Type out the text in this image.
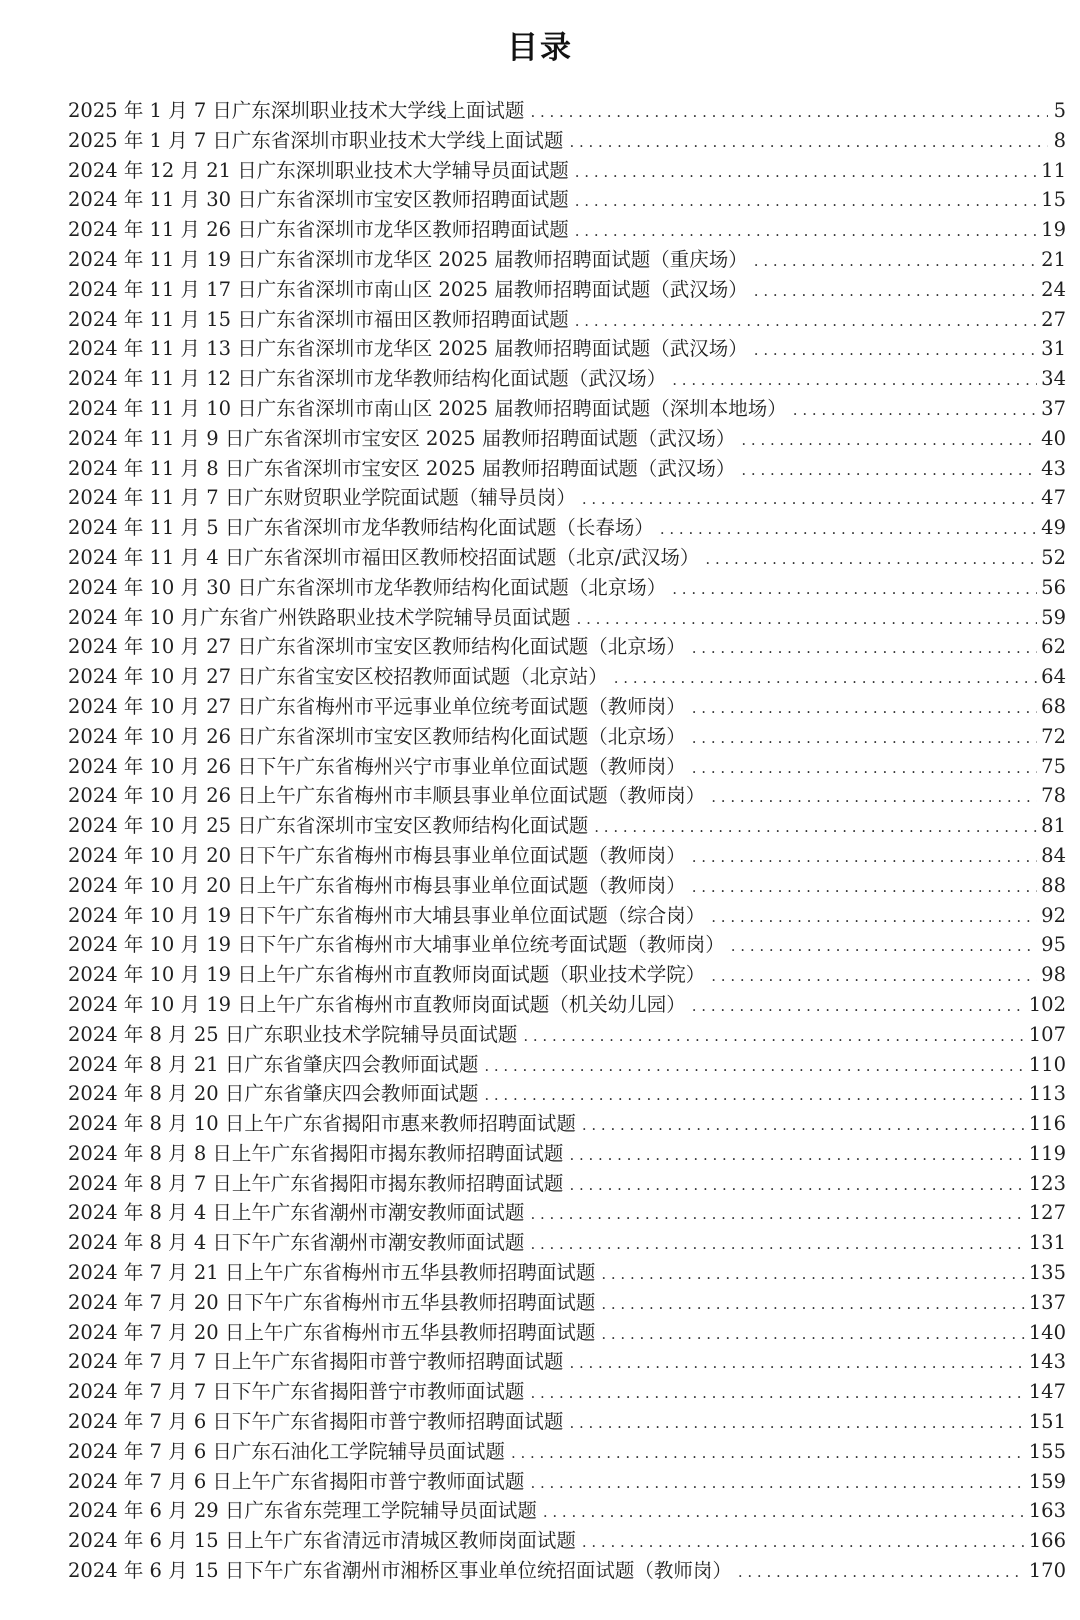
目录
2025 年 1 月 7 日广东深圳职业技术大学线上面试题 . . .	5
2025 年 1 月 7 日广东省深圳市职业技术大学线上面试题 . . .	8
2024 年 12 月 21 日广东深圳职业技术大学辅导员面试题 . . .	11
2024 年 11 月 30 日广东省深圳市宝安区教师招聘面试题 . . .	15
2024 年 11 月 26 日广东省深圳市龙华区教师招聘面试题 . . .	19
2024 年 11 月 19 日广东省深圳市龙华区 2025 届教师招聘面试题（重庆场） . . .	21
2024 年 11 月 17 日广东省深圳市南山区 2025 届教师招聘面试题（武汉场） . . .	24
2024 年 11 月 15 日广东省深圳市福田区教师招聘面试题 . . .	27
2024 年 11 月 13 日广东省深圳市龙华区 2025 届教师招聘面试题（武汉场） . . .	31
2024 年 11 月 12 日广东省深圳市龙华教师结构化面试题（武汉场） . . .	34
2024 年 11 月 10 日广东省深圳市南山区 2025 届教师招聘面试题（深圳本地场） . . .	37
2024 年 11 月 9 日广东省深圳市宝安区 2025 届教师招聘面试题（武汉场） . . .	40
2024 年 11 月 8 日广东省深圳市宝安区 2025 届教师招聘面试题（武汉场） . . .	43
2024 年 11 月 7 日广东财贸职业学院面试题（辅导员岗） . . .	47
2024 年 11 月 5 日广东省深圳市龙华教师结构化面试题（长春场） . . .	49
2024 年 11 月 4 日广东省深圳市福田区教师校招面试题（北京/武汉场） . . .	52
2024 年 10 月 30 日广东省深圳市龙华教师结构化面试题（北京场） . . .	56
2024 年 10 月广东省广州铁路职业技术学院辅导员面试题 . . .	59
2024 年 10 月 27 日广东省深圳市宝安区教师结构化面试题（北京场） . . .	62
2024 年 10 月 27 日广东省宝安区校招教师面试题（北京站） . . .	64
2024 年 10 月 27 日广东省梅州市平远事业单位统考面试题（教师岗） . . .	68
2024 年 10 月 26 日广东省深圳市宝安区教师结构化面试题（北京场） . . .	72
2024 年 10 月 26 日下午广东省梅州兴宁市事业单位面试题（教师岗） . . .	75
2024 年 10 月 26 日上午广东省梅州市丰顺县事业单位面试题（教师岗） . . .	78
2024 年 10 月 25 日广东省深圳市宝安区教师结构化面试题 . . .	81
2024 年 10 月 20 日下午广东省梅州市梅县事业单位面试题（教师岗） . . .	84
2024 年 10 月 20 日上午广东省梅州市梅县事业单位面试题（教师岗） . . .	88
2024 年 10 月 19 日下午广东省梅州市大埔县事业单位面试题（综合岗） . . .	92
2024 年 10 月 19 日下午广东省梅州市大埔事业单位统考面试题（教师岗） . . .	95
2024 年 10 月 19 日上午广东省梅州市直教师岗面试题（职业技术学院） . . .	98
2024 年 10 月 19 日上午广东省梅州市直教师岗面试题（机关幼儿园） . . .	102
2024 年 8 月 25 日广东职业技术学院辅导员面试题 . . .	107
2024 年 8 月 21 日广东省肇庆四会教师面试题 . . .	110
2024 年 8 月 20 日广东省肇庆四会教师面试题 . . .	113
2024 年 8 月 10 日上午广东省揭阳市惠来教师招聘面试题 . . .	116
2024 年 8 月 8 日上午广东省揭阳市揭东教师招聘面试题 . . .	119
2024 年 8 月 7 日上午广东省揭阳市揭东教师招聘面试题 . . .	123
2024 年 8 月 4 日上午广东省潮州市潮安教师面试题 . . .	127
2024 年 8 月 4 日下午广东省潮州市潮安教师面试题 . . .	131
2024 年 7 月 21 日上午广东省梅州市五华县教师招聘面试题 . . .	135
2024 年 7 月 20 日下午广东省梅州市五华县教师招聘面试题 . . .	137
2024 年 7 月 20 日上午广东省梅州市五华县教师招聘面试题 . . .	140
2024 年 7 月 7 日上午广东省揭阳市普宁教师招聘面试题 . . .	143
2024 年 7 月 7 日下午广东省揭阳普宁市教师面试题 . . .	147
2024 年 7 月 6 日下午广东省揭阳市普宁教师招聘面试题 . . .	151
2024 年 7 月 6 日广东石油化工学院辅导员面试题 . . .	155
2024 年 7 月 6 日上午广东省揭阳市普宁教师面试题 . . .	159
2024 年 6 月 29 日广东省东莞理工学院辅导员面试题 . . .	163
2024 年 6 月 15 日上午广东省清远市清城区教师岗面试题 . . .	166
2024 年 6 月 15 日下午广东省潮州市湘桥区事业单位统招面试题（教师岗） . . .	170
